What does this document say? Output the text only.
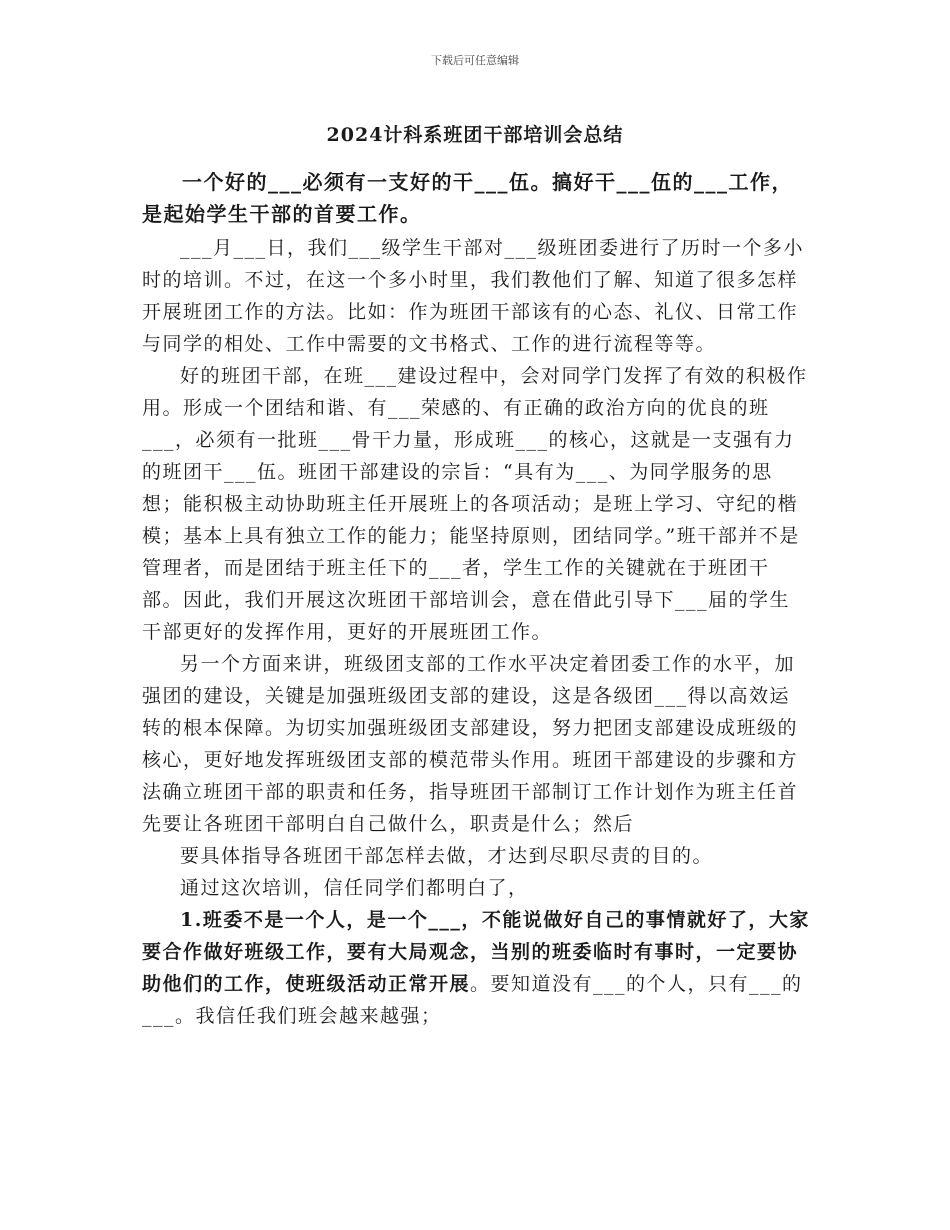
下载后可任意编辑
2024计科系班团干部培训会总结

一个好的___必须有一支好的干___伍。搞好干___伍的___工作，是起始学生干部的首要工作。

___月___日，我们___级学生干部对___级班团委进行了历时一个多小时的培训。不过，在这一个多小时里，我们教他们了解、知道了很多怎样开展班团工作的方法。比如：作为班团干部该有的心态、礼仪、日常工作与同学的相处、工作中需要的文书格式、工作的进行流程等等。

好的班团干部，在班___建设过程中，会对同学门发挥了有效的积极作用。形成一个团结和谐、有___荣感的、有正确的政治方向的优良的班___，必须有一批班___骨干力量，形成班___的核心，这就是一支强有力的班团干___伍。班团干部建设的宗旨：“具有为___、为同学服务的思想；能积极主动协助班主任开展班上的各项活动；是班上学习、守纪的楷模；基本上具有独立工作的能力；能坚持原则，团结同学。”班干部并不是管理者，而是团结于班主任下的___者，学生工作的关键就在于班团干部。因此，我们开展这次班团干部培训会，意在借此引导下___届的学生干部更好的发挥作用，更好的开展班团工作。

另一个方面来讲，班级团支部的工作水平决定着团委工作的水平，加强团的建设，关键是加强班级团支部的建设，这是各级团___得以高效运转的根本保障。为切实加强班级团支部建设，努力把团支部建设成班级的核心，更好地发挥班级团支部的模范带头作用。班团干部建设的步骤和方法确立班团干部的职责和任务，指导班团干部制订工作计划作为班主任首先要让各班团干部明白自己做什么，职责是什么；然后

要具体指导各班团干部怎样去做，才达到尽职尽责的目的。

通过这次培训，信任同学们都明白了，

1.班委不是一个人，是一个___，不能说做好自己的事情就好了，大家要合作做好班级工作，要有大局观念，当别的班委临时有事时，一定要协助他们的工作，使班级活动正常开展。要知道没有___的个人，只有___的___。我信任我们班会越来越强；
